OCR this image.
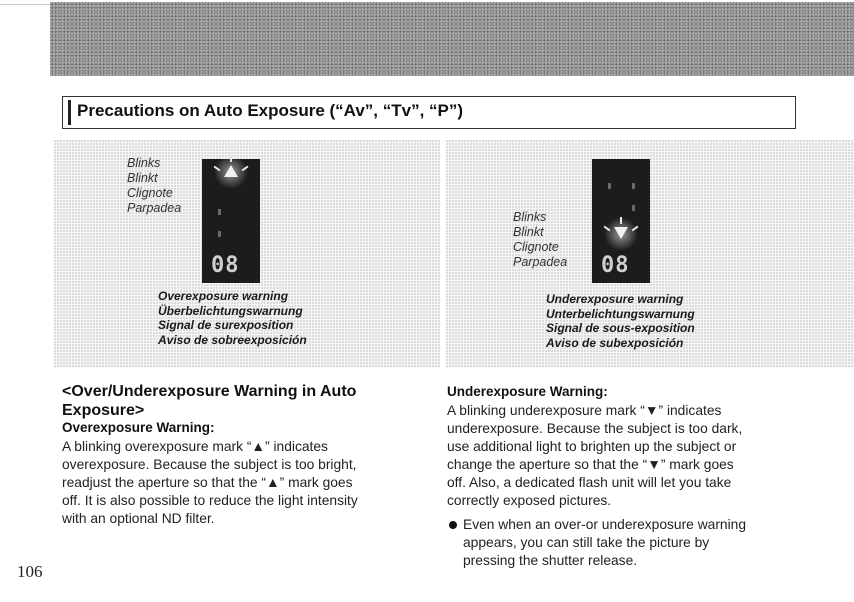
Precautions on Auto Exposure (“Av”, “Tv”, “P”)
Blinks
Blinkt
Clignote
Parpadea
08
Overexposure warning
Überbelichtungswarnung
Signal de surexposition
Aviso de sobreexposición
08
Blinks
Blinkt
Clignote
Parpadea
Underexposure warning
Unterbelichtungswarnung
Signal de sous-exposition
Aviso de subexposición
<Over/Underexposure Warning in Auto
Exposure>
Overexposure Warning:
A blinking overexposure mark “▲” indicates
overexposure. Because the subject is too bright,
readjust the aperture so that the “▲” mark goes
off. It is also possible to reduce the light intensity
with an optional ND filter.
Underexposure Warning:
A blinking underexposure mark “▼” indicates
underexposure. Because the subject is too dark,
use additional light to brighten up the subject or
change the aperture so that the “▼” mark goes
off. Also, a dedicated flash unit will let you take
correctly exposed pictures.
Even when an over-or underexposure warning
appears, you can still take the picture by
pressing the shutter release.
106
